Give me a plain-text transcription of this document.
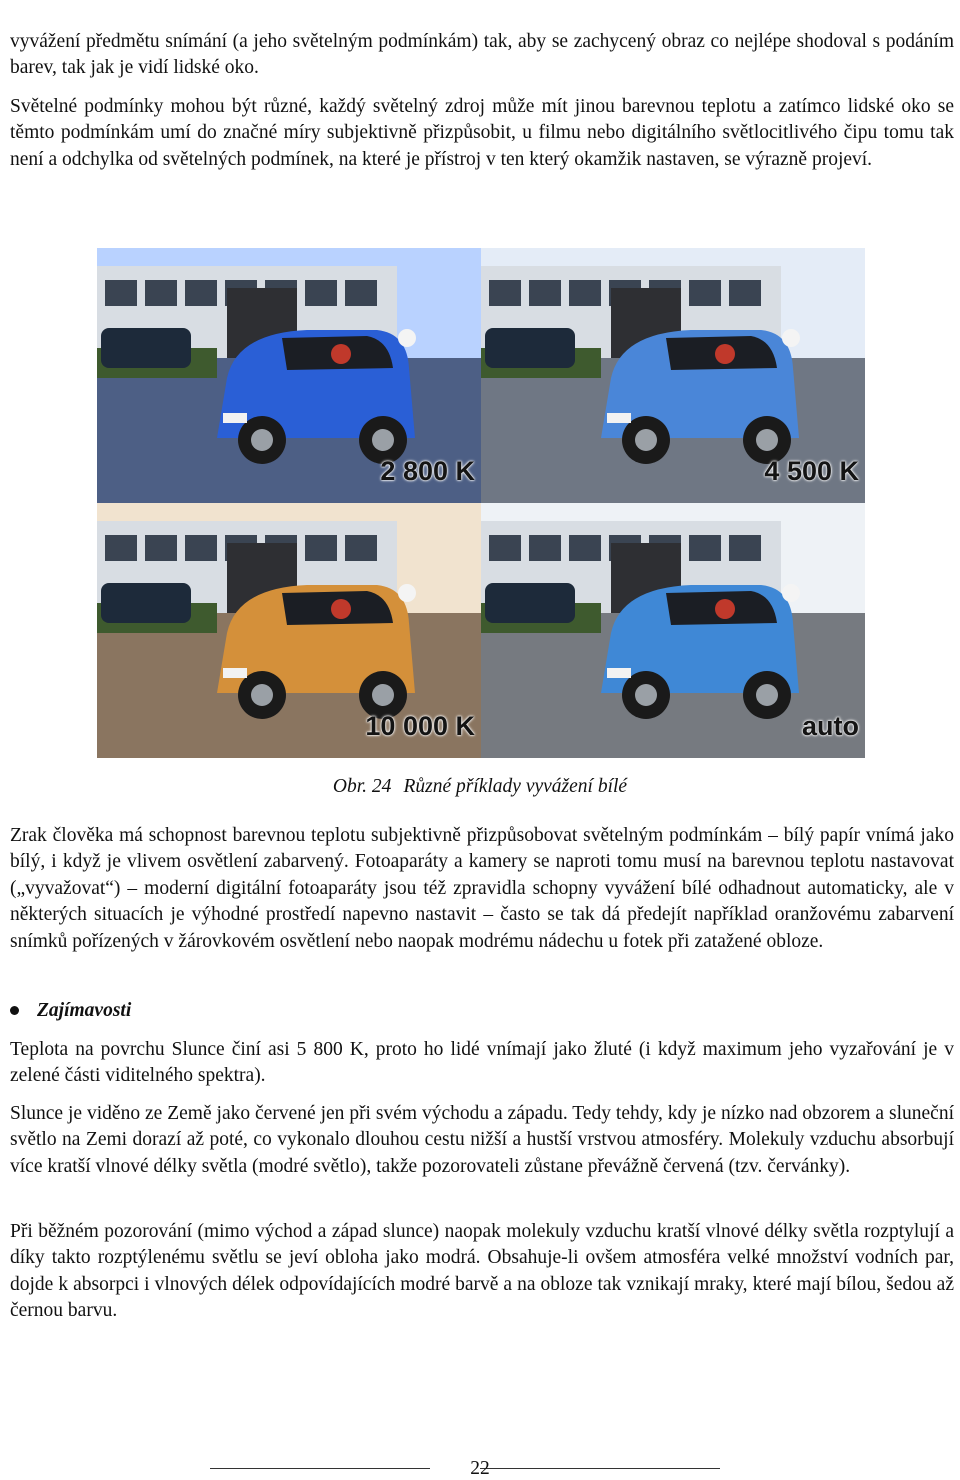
vyvážení předmětu snímání (a jeho světelným podmínkám) tak, aby se zachycený obraz co nejlépe shodoval s podáním barev, tak jak je vidí lidské oko.

Světelné podmínky mohou být různé, každý světelný zdroj může mít jinou barevnou teplotu a zatímco lidské oko se těmto podmínkám umí do značné míry subjektivně přizpůsobit, u filmu nebo digitálního světlocitlivého čipu tomu tak není a odchylka od světelných podmínek, na které je přístroj v ten který okamžik nastaven, se výrazně projeví.

2 800 K	4 500 K
10 000 K	auto

Obr. 24 Různé příklady vyvážení bílé

Zrak člověka má schopnost barevnou teplotu subjektivně přizpůsobovat světelným podmínkám – bílý papír vnímá jako bílý, i když je vlivem osvětlení zabarvený. Fotoaparáty a kamery se naproti tomu musí na barevnou teplotu nastavovat („vyvažovat“) – moderní digitální fotoaparáty jsou též zpravidla schopny vyvážení bílé odhadnout automaticky, ale v některých situacích je výhodné prostředí napevno nastavit – často se tak dá předejít například oranžovému zabarvení snímků pořízených v žárovkovém osvětlení nebo naopak modrému nádechu u fotek při zatažené obloze.

Zajímavosti

Teplota na povrchu Slunce činí asi 5 800 K, proto ho lidé vnímají jako žluté (i když maximum jeho vyzařování je v zelené části viditelného spektra).

Slunce je viděno ze Země jako červené jen při svém východu a západu. Tedy tehdy, kdy je nízko nad obzorem a sluneční světlo na Zemi dorazí až poté, co vykonalo dlouhou cestu nižší a hustší vrstvou atmosféry. Molekuly vzduchu absorbují více kratší vlnové délky světla (modré světlo), takže pozorovateli zůstane převážně červená (tzv. červánky).

Při běžném pozorování (mimo východ a západ slunce) naopak molekuly vzduchu kratší vlnové délky světla rozptylují a díky takto rozptýlenému světlu se jeví obloha jako modrá. Obsahuje-li ovšem atmosféra velké množství vodních par, dojde k absorpci i vlnových délek odpovídajících modré barvě a na obloze tak vznikají mraky, které mají bílou, šedou až černou barvu.

22
